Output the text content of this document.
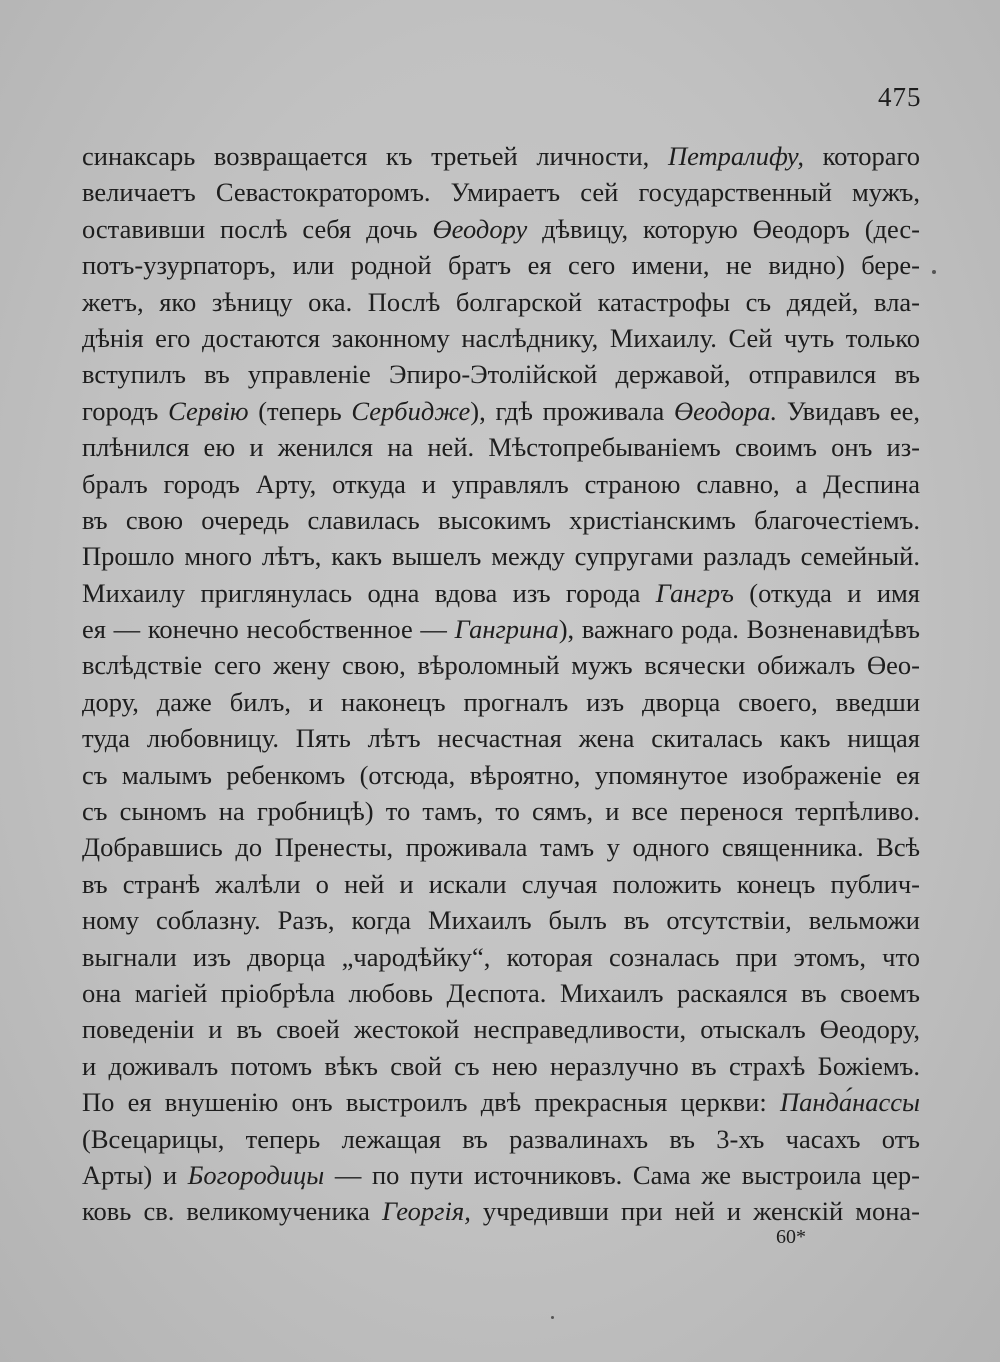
475
синаксарь возвращается къ третьей личности, Петралифу, котораго
величаетъ Севастократоромъ. Умираетъ сей государственный мужъ,
оставивши послѣ себя дочь Өеодору дѣвицу, которую Өеодоръ (дес-
потъ-узурпаторъ, или родной братъ ея сего имени, не видно) бере-
жетъ, яко зѣницу ока. Послѣ болгарской катастрофы съ дядей, вла-
дѣнія его достаются законному наслѣднику, Михаилу. Сей чуть только
вступилъ въ управленіе Эпиро-Этолійской державой, отправился въ
городъ Сервію (теперь Сербидже), гдѣ проживала Өеодора. Увидавъ ее,
плѣнился ею и женился на ней. Мѣстопребываніемъ своимъ онъ из-
бралъ городъ Арту, откуда и управлялъ страною славно, а Деспина
въ свою очередь славилась высокимъ христіанскимъ благочестіемъ.
Прошло много лѣтъ, какъ вышелъ между супругами разладъ семейный.
Михаилу приглянулась одна вдова изъ города Гангръ (откуда и имя
ея — конечно несобственное — Гангрина), важнаго рода. Возненавидѣвъ
вслѣдствіе сего жену свою, вѣроломный мужъ всячески обижалъ Өео-
дору, даже билъ, и наконецъ прогналъ изъ дворца своего, введши
туда любовницу. Пять лѣтъ несчастная жена скиталась какъ нищая
съ малымъ ребенкомъ (отсюда, вѣроятно, упомянутое изображеніе ея
съ сыномъ на гробницѣ) то тамъ, то сямъ, и все перенося терпѣливо.
Добравшись до Пренесты, проживала тамъ у одного священника. Всѣ
въ странѣ жалѣли о ней и искали случая положить конецъ публич-
ному соблазну. Разъ, когда Михаилъ былъ въ отсутствіи, вельможи
выгнали изъ дворца „чародѣйку“, которая созналась при этомъ, что
она магіей пріобрѣла любовь Деспота. Михаилъ раскаялся въ своемъ
поведеніи и въ своей жестокой несправедливости, отыскалъ Өеодору,
и доживалъ потомъ вѣкъ свой съ нею неразлучно въ страхѣ Божіемъ.
По ея внушенію онъ выстроилъ двѣ прекрасныя церкви: Панда́нассы
(Всецарицы, теперь лежащая въ развалинахъ въ 3-хъ часахъ отъ
Арты) и Богородицы — по пути источниковъ. Сама же выстроила цер-
ковь св. великомученика Георгія, учредивши при ней и женскій мона-
60*
